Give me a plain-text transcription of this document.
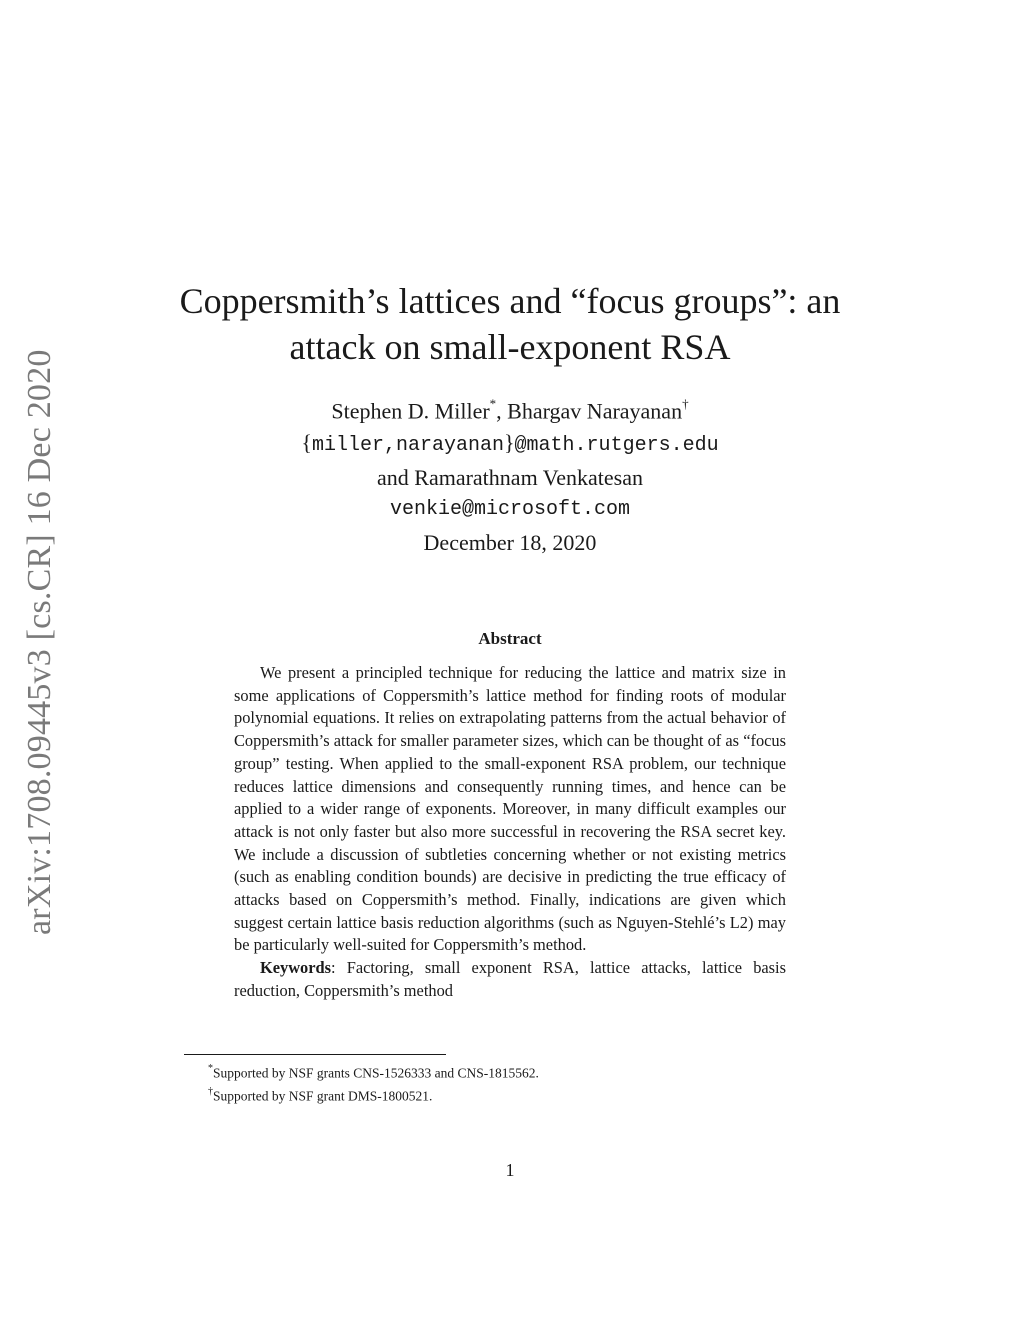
arXiv:1708.09445v3 [cs.CR] 16 Dec 2020
Coppersmith’s lattices and “focus groups”: an
attack on small-exponent RSA
Stephen D. Miller*, Bhargav Narayanan†
{miller,narayanan}@math.rutgers.edu
and Ramarathnam Venkatesan
venkie@microsoft.com
December 18, 2020
Abstract

We present a principled technique for reducing the lattice and matrix size in some applications of Coppersmith’s lattice method for finding roots of modular polynomial equations. It relies on extrapolating patterns from the actual behavior of Coppersmith’s attack for smaller parameter sizes, which can be thought of as “focus group” testing. When applied to the small-exponent RSA problem, our technique reduces lattice dimensions and consequently running times, and hence can be applied to a wider range of exponents. Moreover, in many difficult examples our attack is not only faster but also more successful in recovering the RSA secret key. We include a discussion of subtleties concerning whether or not existing metrics (such as enabling condition bounds) are decisive in predicting the true efficacy of attacks based on Coppersmith’s method. Finally, indications are given which suggest certain lattice basis reduction algorithms (such as Nguyen-Stehlé’s L2) may be particularly well-suited for Coppersmith’s method.

Keywords: Factoring, small exponent RSA, lattice attacks, lattice basis reduction, Coppersmith’s method

*Supported by NSF grants CNS-1526333 and CNS-1815562.
†Supported by NSF grant DMS-1800521.
1
